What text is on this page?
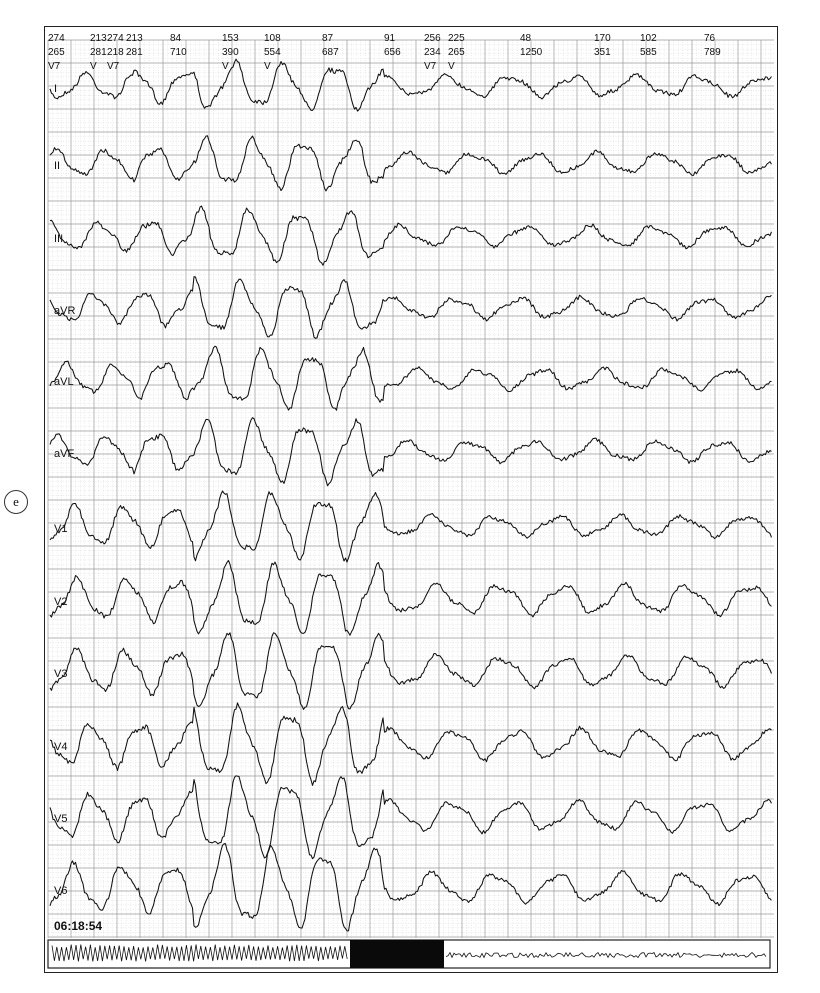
e
274
265
V7
213
281
V
274
218
V7
213
281
84
710
153
390
V
108
554
V
87
687
91
656
256
234
V7
225
265
V
48
1250
170
351
102
585
76
789
I
II
III
aVR
aVL
aVF
V1
V2
V3
V4
V5
V6
06:18:54
